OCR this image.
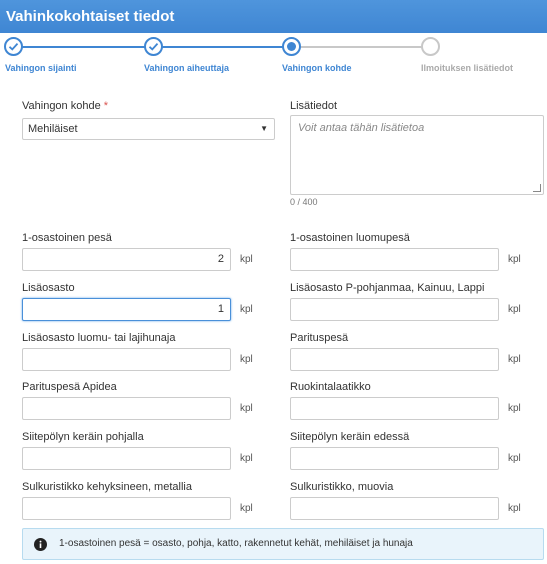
Vahinkokohtaiset tiedot
Vahingon sijainti	Vahingon aiheuttaja	Vahingon kohde	Ilmoituksen lisätiedot
Vahingon kohde *
Mehiläiset	▼
Lisätiedot
Voit antaa tähän lisätietoa
0 / 400
1-osastoinen pesä
2	kpl
1-osastoinen luomupesä
kpl
Lisäosasto
1	kpl
Lisäosasto P-pohjanmaa, Kainuu, Lappi
kpl
Lisäosasto luomu- tai lajihunaja
kpl
Parituspesä
kpl
Parituspesä Apidea
kpl
Ruokintalaatikko
kpl
Siitepölyn keräin pohjalla
kpl
Siitepölyn keräin edessä
kpl
Sulkuristikko kehyksineen, metallia
kpl
Sulkuristikko, muovia
kpl
1-osastoinen pesä = osasto, pohja, katto, rakennetut kehät, mehiläiset ja hunaja
